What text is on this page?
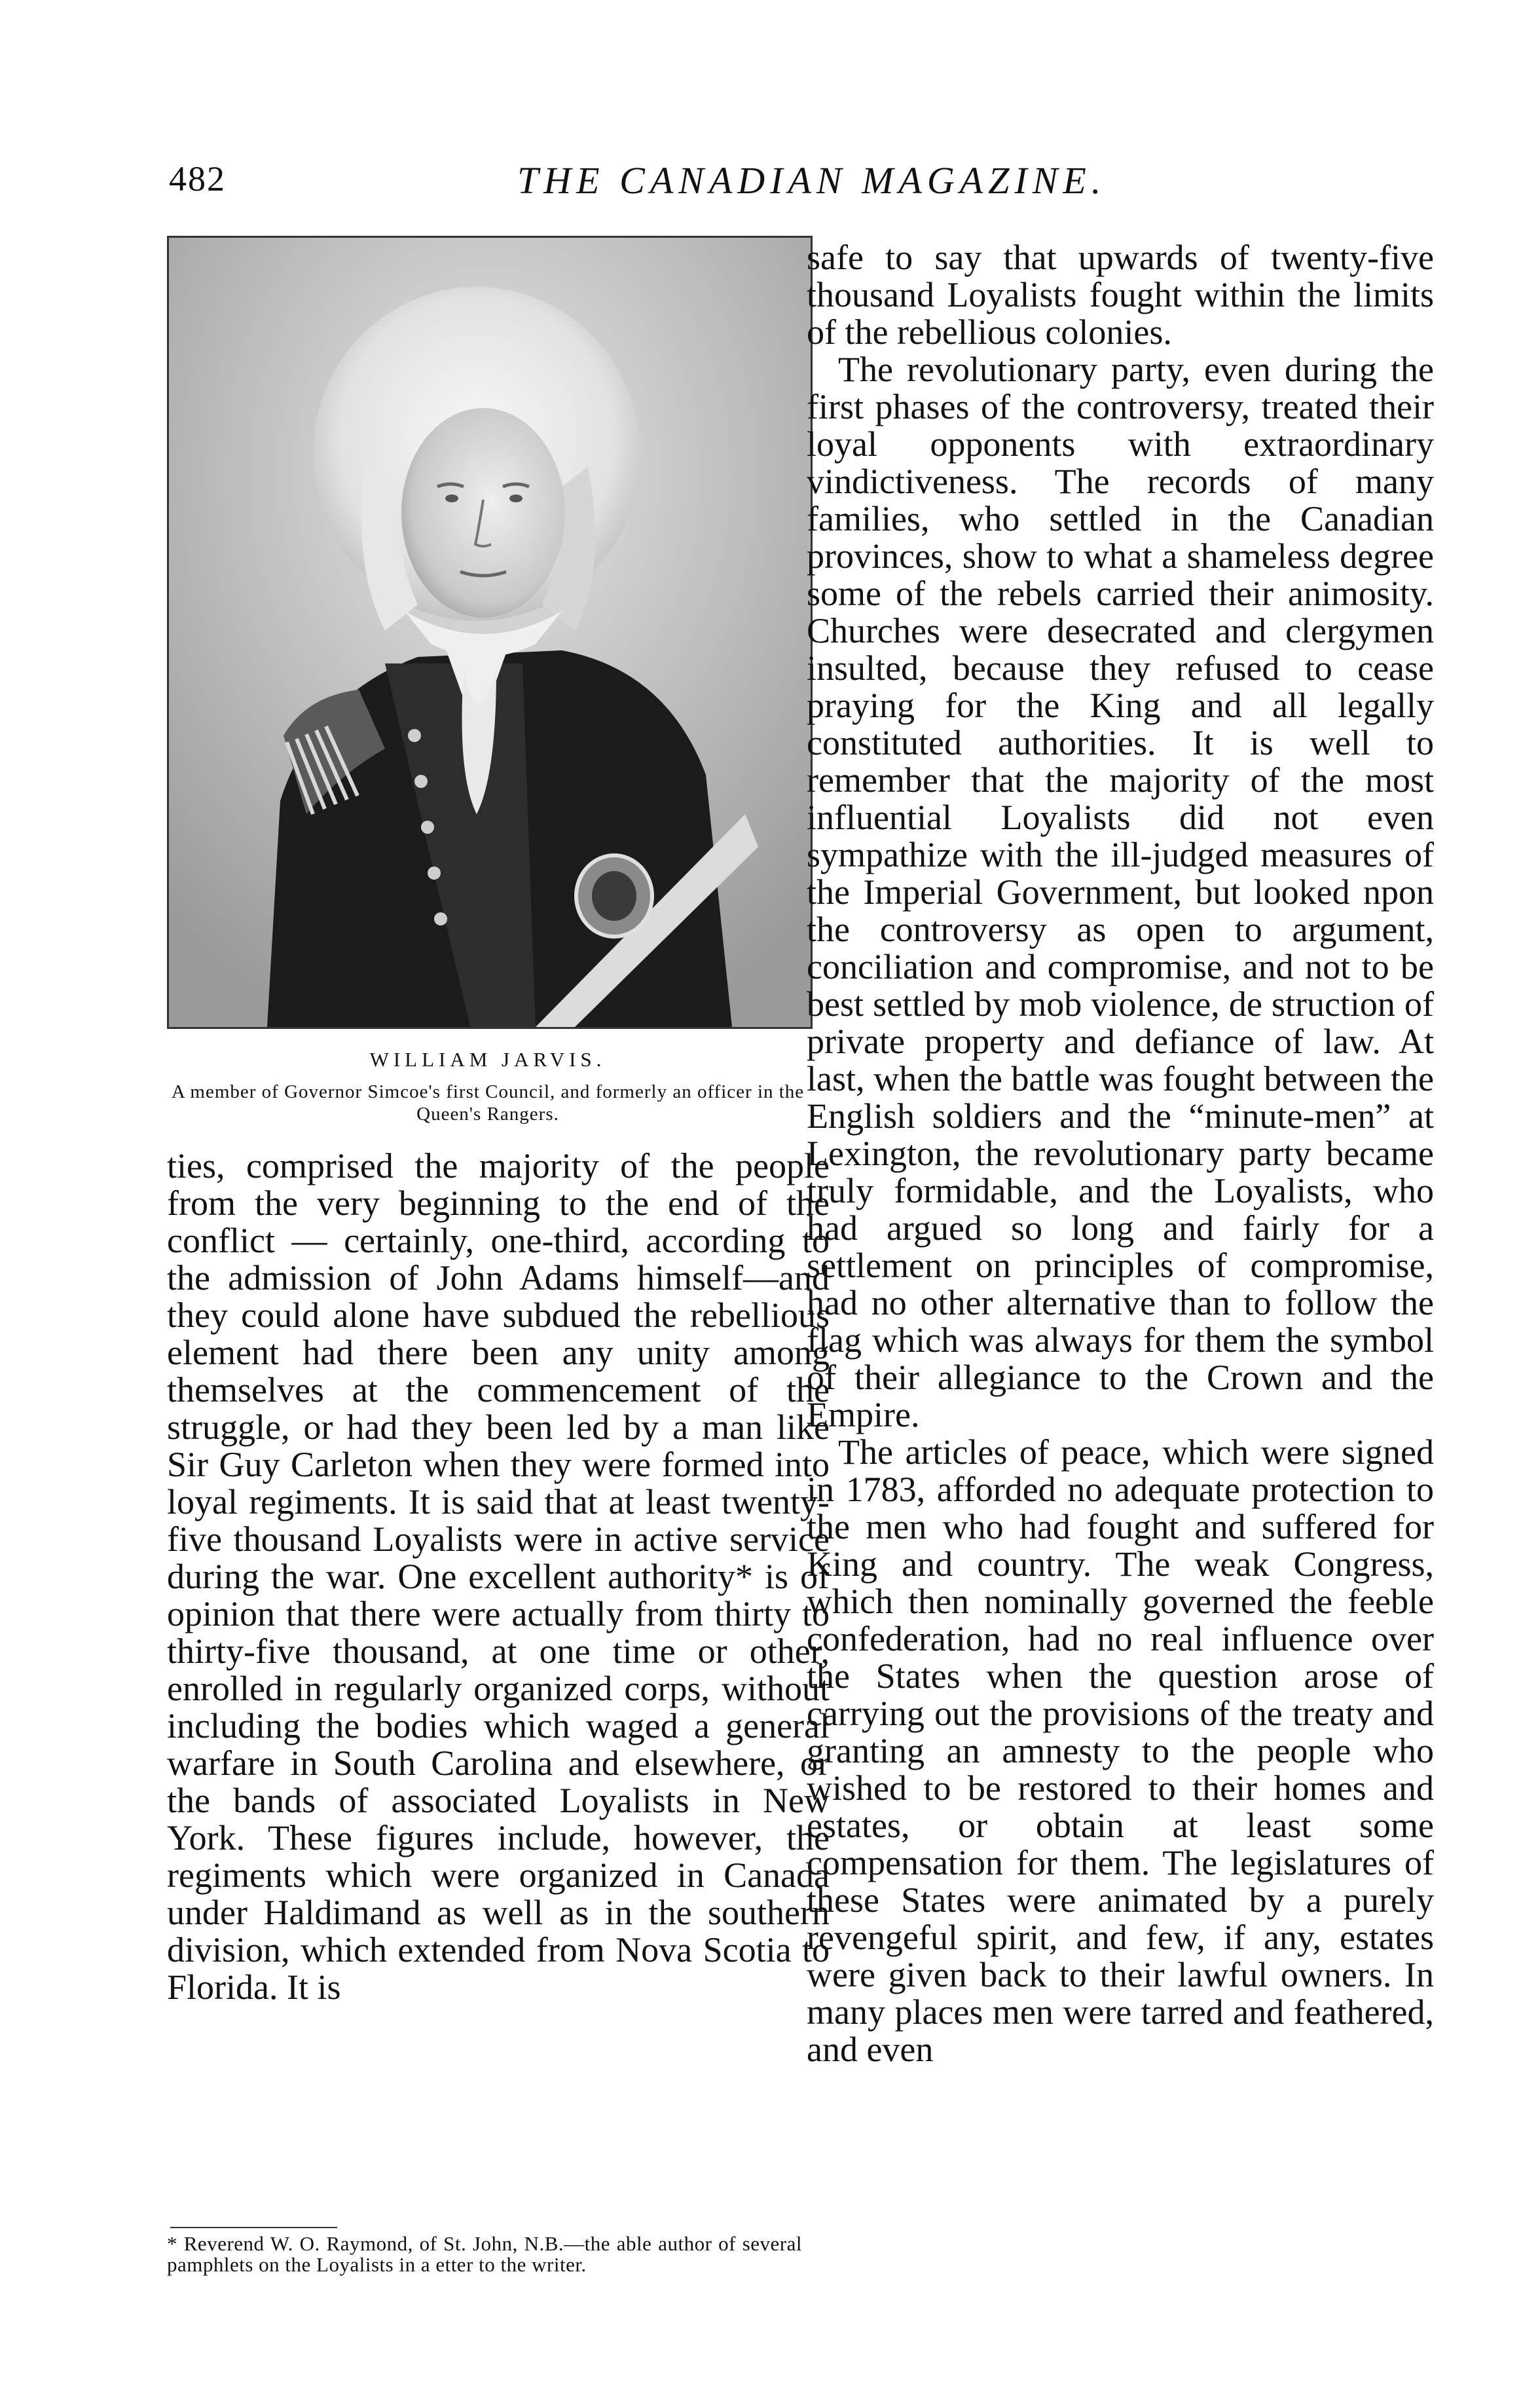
482	THE CANADIAN MAGAZINE.
WILLIAM JARVIS.
A member of Governor Simcoe's first Council, and formerly an officer in the Queen's Rangers.

ties, comprised the majority of the people from the very beginning to the end of the conflict — certainly, one-third, according to the admission of John Adams himself—and they could alone have subdued the rebellious element had there been any unity among themselves at the commencement of the struggle, or had they been led by a man like Sir Guy Carleton when they were formed into loyal regiments. It is said that at least twenty-five thousand Loyalists were in active service during the war. One excellent authority* is of opinion that there were actually from thirty to thirty-five thousand, at one time or other, enrolled in regularly organized corps, without including the bodies which waged a general warfare in South Carolina and elsewhere, or the bands of associated Loyalists in New York. These figures include, however, the regiments which were organized in Canada under Haldimand as well as in the southern division, which extended from Nova Scotia to Florida. It is

safe to say that upwards of twenty-five thousand Loyalists fought within the limits of the rebellious colonies.

The revolutionary party, even during the first phases of the controversy, treated their loyal opponents with extraordinary vindictiveness. The records of many families, who settled in the Canadian provinces, show to what a shameless degree some of the rebels carried their animosity. Churches were desecrated and clergymen insulted, because they refused to cease praying for the King and all legally constituted authorities. It is well to remember that the majority of the most influential Loyalists did not even sympathize with the ill-judged measures of the Imperial Government, but looked npon the controversy as open to argument, conciliation and compromise, and not to be best settled by mob violence, de struction of private property and defiance of law. At last, when the battle was fought between the English soldiers and the “minute-men” at Lexington, the revolutionary party became truly formidable, and the Loyalists, who had argued so long and fairly for a settlement on principles of compromise, had no other alternative than to follow the flag which was always for them the symbol of their allegiance to the Crown and the Empire.

The articles of peace, which were signed in 1783, afforded no adequate protection to the men who had fought and suffered for King and country. The weak Congress, which then nominally governed the feeble confederation, had no real influence over the States when the question arose of carrying out the provisions of the treaty and granting an amnesty to the people who wished to be restored to their homes and estates, or obtain at least some compensation for them. The legislatures of these States were animated by a purely revengeful spirit, and few, if any, estates were given back to their lawful owners. In many places men were tarred and feathered, and even

* Reverend W. O. Raymond, of St. John, N.B.—the able author of several pamphlets on the Loyalists in a etter to the writer.
